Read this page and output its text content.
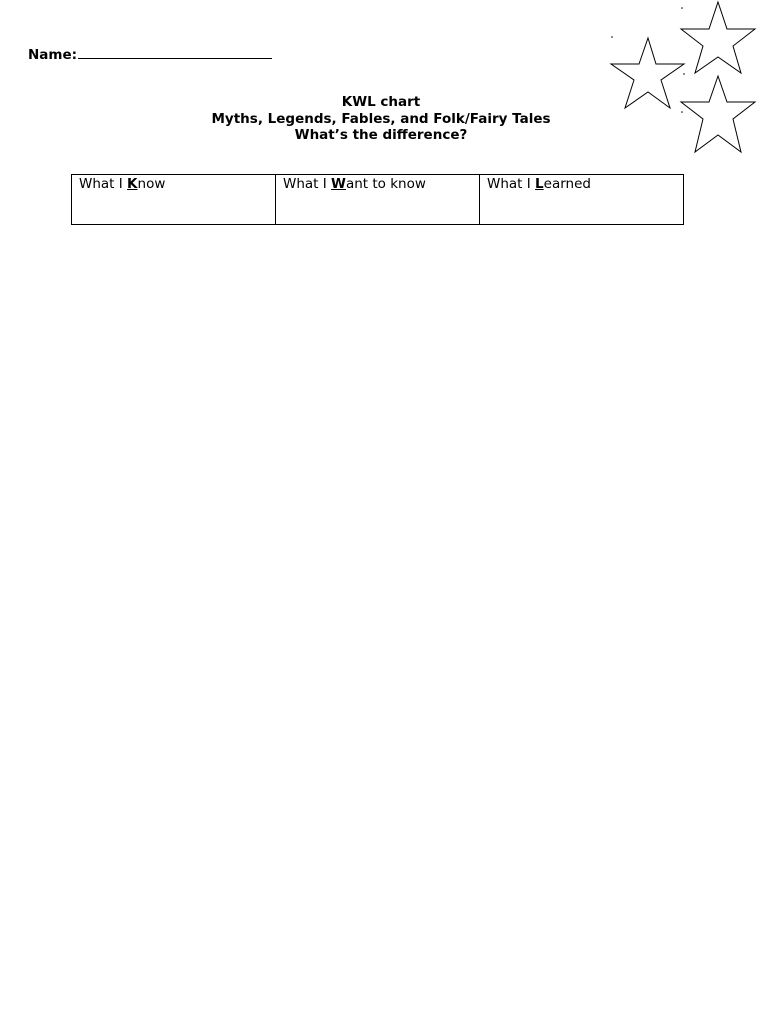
Name:
KWL chart
Myths, Legends, Fables, and Folk/Fairy Tales
What’s the difference?
What I Know	What I Want to know	What I Learned
